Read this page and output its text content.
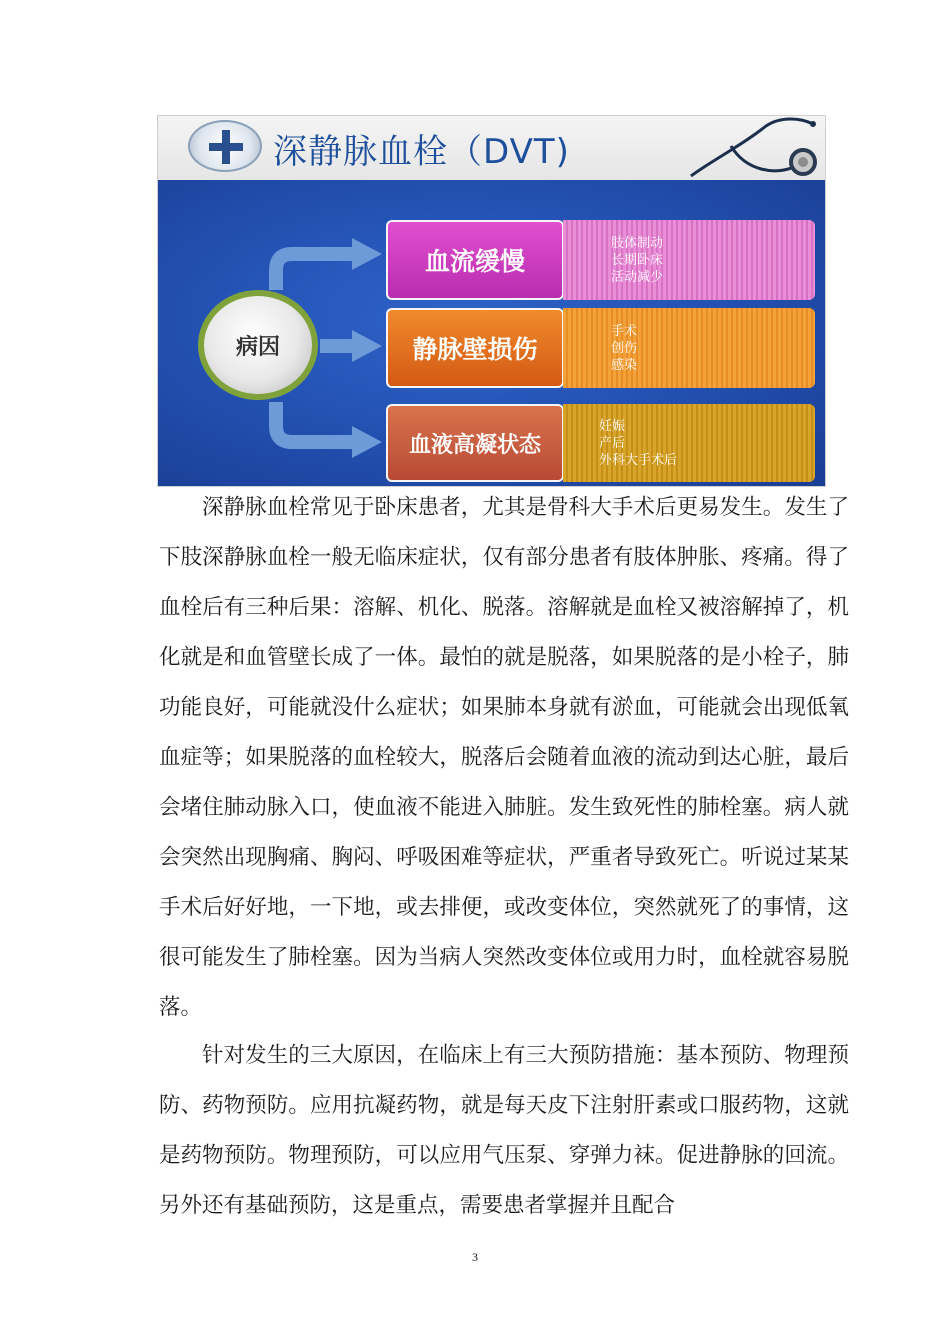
深静脉血栓（DVT)
病因
血流缓慢
肢体制动
长期卧床
活动减少
静脉壁损伤
手术
创伤
感染
血液高凝状态
妊娠
产后
外科大手术后

深静脉血栓常见于卧床患者，尤其是骨科大手术后更易发生。发生了下肢深静脉血栓一般无临床症状，仅有部分患者有肢体肿胀、疼痛。得了血栓后有三种后果：溶解、机化、脱落。溶解就是血栓又被溶解掉了，机化就是和血管壁长成了一体。最怕的就是脱落，如果脱落的是小栓子，肺功能良好，可能就没什么症状；如果肺本身就有淤血，可能就会出现低氧血症等；如果脱落的血栓较大，脱落后会随着血液的流动到达心脏，最后会堵住肺动脉入口，使血液不能进入肺脏。发生致死性的肺栓塞。病人就会突然出现胸痛、胸闷、呼吸困难等症状，严重者导致死亡。听说过某某手术后好好地，一下地，或去排便，或改变体位，突然就死了的事情，这很可能发生了肺栓塞。因为当病人突然改变体位或用力时，血栓就容易脱落。

针对发生的三大原因，在临床上有三大预防措施：基本预防、物理预防、药物预防。应用抗凝药物，就是每天皮下注射肝素或口服药物，这就是药物预防。物理预防，可以应用气压泵、穿弹力袜。促进静脉的回流。另外还有基础预防，这是重点，需要患者掌握并且配合

3
